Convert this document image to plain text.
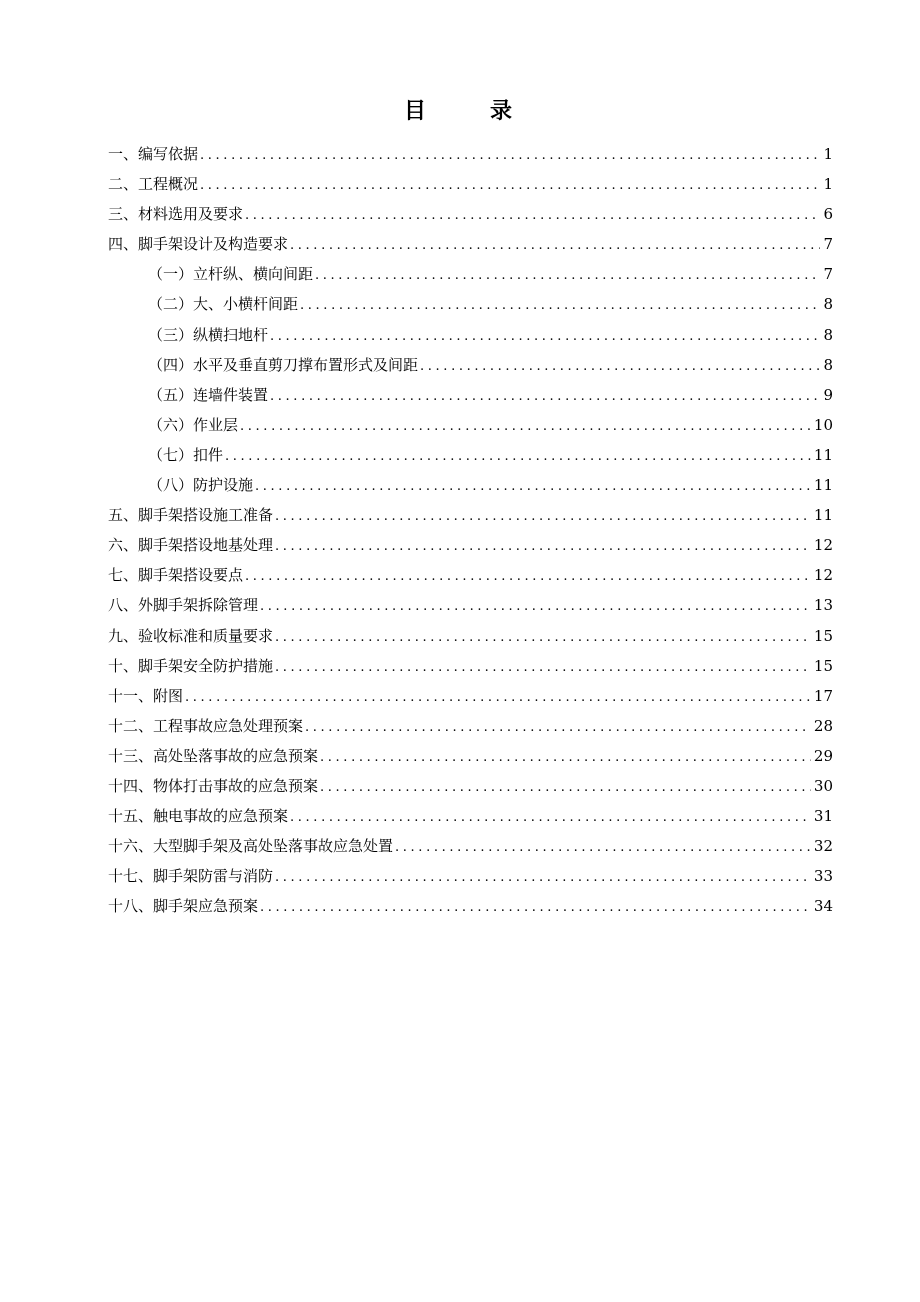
目	录
一、编写依据 . . .	1
二、工程概况 . . .	1
三、材料选用及要求 . . .	6
四、脚手架设计及构造要求 . . .	7
（一）立杆纵、横向间距 . . .	7
（二）大、小横杆间距 . . .	8
（三）纵横扫地杆 . . .	8
（四）水平及垂直剪刀撑布置形式及间距 . . .	8
（五）连墙件装置 . . .	9
（六）作业层 . . .	10
（七）扣件 . . .	11
（八）防护设施 . . .	11
五、脚手架搭设施工准备 . . .	11
六、脚手架搭设地基处理 . . .	12
七、脚手架搭设要点 . . .	12
八、外脚手架拆除管理 . . .	13
九、验收标准和质量要求 . . .	15
十、脚手架安全防护措施 . . .	15
十一、附图 . . .	17
十二、工程事故应急处理预案 . . .	28
十三、高处坠落事故的应急预案 . . .	29
十四、物体打击事故的应急预案 . . .	30
十五、触电事故的应急预案 . . .	31
十六、大型脚手架及高处坠落事故应急处置 . . .	32
十七、脚手架防雷与消防 . . .	33
十八、脚手架应急预案 . . .	34
